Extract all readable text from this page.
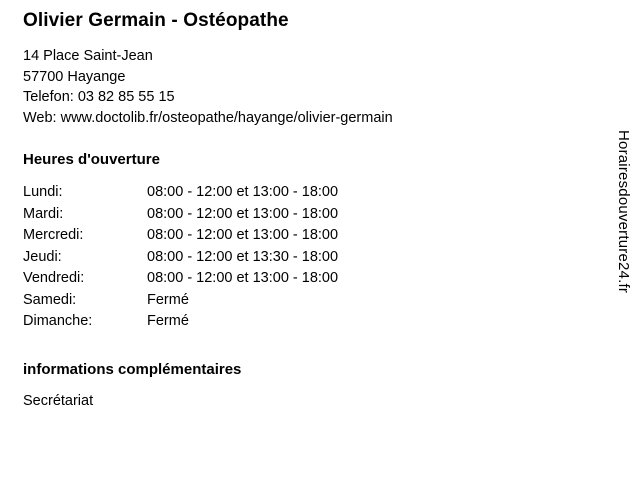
Olivier Germain - Ostéopathe

14 Place Saint-Jean

57700 Hayange

Telefon: 03 82 85 55 15

Web: www.doctolib.fr/osteopathe/hayange/olivier-germain

Heures d'ouverture
Lundi:	08:00 - 12:00 et 13:00 - 18:00
Mardi:	08:00 - 12:00 et 13:00 - 18:00
Mercredi:	08:00 - 12:00 et 13:00 - 18:00
Jeudi:	08:00 - 12:00 et 13:30 - 18:00
Vendredi:	08:00 - 12:00 et 13:00 - 18:00
Samedi:	Fermé
Dimanche:	Fermé
informations complémentaires

Secrétariat

Horairesdouverture24.fr
